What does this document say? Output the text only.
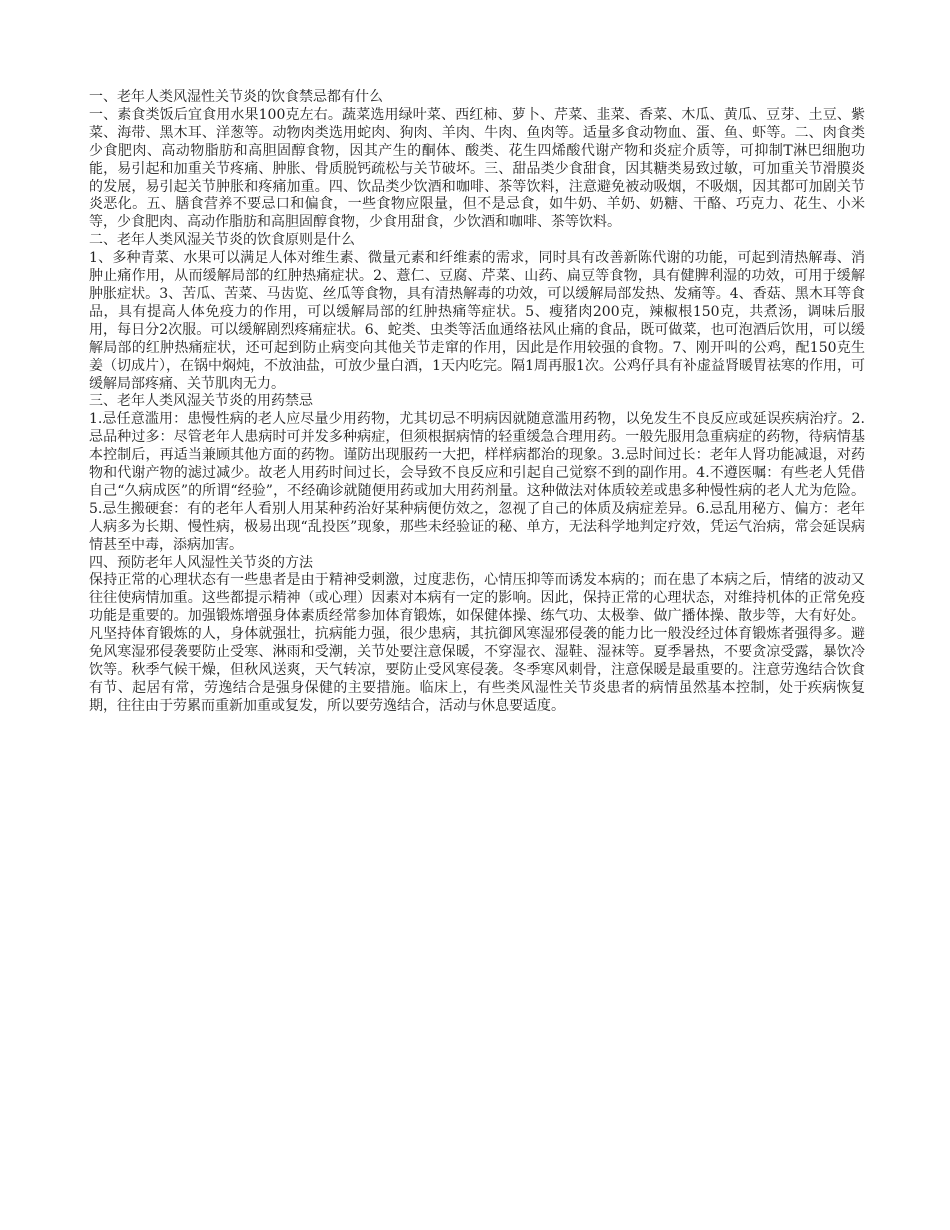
一、老年人类风湿性关节炎的饮食禁忌都有什么

一、素食类饭后宜食用水果100克左右。蔬菜选用绿叶菜、西红柿、萝卜、芹菜、韭菜、香菜、木瓜、黄瓜、豆芽、土豆、紫菜、海带、黑木耳、洋葱等。动物肉类选用蛇肉、狗肉、羊肉、牛肉、鱼肉等。适量多食动物血、蛋、鱼、虾等。二、肉食类少食肥肉、高动物脂肪和高胆固醇食物，因其产生的酮体、酸类、花生四烯酸代谢产物和炎症介质等，可抑制T淋巴细胞功能，易引起和加重关节疼痛、肿胀、骨质脱钙疏松与关节破坏。三、甜品类少食甜食，因其糖类易致过敏，可加重关节滑膜炎的发展，易引起关节肿胀和疼痛加重。四、饮品类少饮酒和咖啡、茶等饮料，注意避免被动吸烟，不吸烟，因其都可加剧关节炎恶化。五、膳食营养不要忌口和偏食，一些食物应限量，但不是忌食，如牛奶、羊奶、奶糖、干酪、巧克力、花生、小米等，少食肥肉、高动作脂肪和高胆固醇食物，少食用甜食，少饮酒和咖啡、茶等饮料。

二、老年人类风湿关节炎的饮食原则是什么

1、多种青菜、水果可以满足人体对维生素、微量元素和纤维素的需求，同时具有改善新陈代谢的功能，可起到清热解毒、消肿止痛作用，从而缓解局部的红肿热痛症状。2、薏仁、豆腐、芹菜、山药、扁豆等食物，具有健脾利湿的功效，可用于缓解肿胀症状。3、苦瓜、苦菜、马齿览、丝瓜等食物，具有清热解毒的功效，可以缓解局部发热、发痛等。4、香菇、黑木耳等食品，具有提高人体免疫力的作用，可以缓解局部的红肿热痛等症状。5、瘦猪肉200克，辣椒根150克，共煮汤，调味后服用，每日分2次服。可以缓解剧烈疼痛症状。6、蛇类、虫类等活血通络祛风止痛的食品，既可做菜，也可泡酒后饮用，可以缓解局部的红肿热痛症状，还可起到防止病变向其他关节走窜的作用，因此是作用较强的食物。7、刚开叫的公鸡，配150克生姜（切成片），在锅中焖炖，不放油盐，可放少量白酒，1天内吃完。隔1周再服1次。公鸡仔具有补虚益肾暖胃祛寒的作用，可缓解局部疼痛、关节肌肉无力。

三、老年人类风湿关节炎的用药禁忌

1.忌任意滥用：患慢性病的老人应尽量少用药物，尤其切忌不明病因就随意滥用药物，以免发生不良反应或延误疾病治疗。2.忌品种过多：尽管老年人患病时可并发多种病症，但须根据病情的轻重缓急合理用药。一般先服用急重病症的药物，待病情基本控制后，再适当兼顾其他方面的药物。谨防出现服药一大把，样样病都治的现象。3.忌时间过长：老年人肾功能减退，对药物和代谢产物的滤过减少。故老人用药时间过长，会导致不良反应和引起自己觉察不到的副作用。4.不遵医嘱：有些老人凭借自己“久病成医”的所谓“经验”，不经确诊就随便用药或加大用药剂量。这种做法对体质较差或患多种慢性病的老人尤为危险。5.忌生搬硬套：有的老年人看别人用某种药治好某种病便仿效之，忽视了自己的体质及病症差异。6.忌乱用秘方、偏方：老年人病多为长期、慢性病，极易出现“乱投医”现象，那些未经验证的秘、单方，无法科学地判定疗效，凭运气治病，常会延误病情甚至中毒，添病加害。

四、预防老年人风湿性关节炎的方法

保持正常的心理状态有一些患者是由于精神受刺激，过度悲伤，心情压抑等而诱发本病的；而在患了本病之后，情绪的波动又往往使病情加重。这些都提示精神（或心理）因素对本病有一定的影响。因此，保持正常的心理状态，对维持机体的正常免疫功能是重要的。加强锻炼增强身体素质经常参加体育锻炼，如保健体操、练气功、太极拳、做广播体操、散步等，大有好处。凡坚持体育锻炼的人，身体就强壮，抗病能力强，很少患病，其抗御风寒湿邪侵袭的能力比一般没经过体育锻炼者强得多。避免风寒湿邪侵袭要防止受寒、淋雨和受潮，关节处要注意保暖，不穿湿衣、湿鞋、湿袜等。夏季暑热，不要贪凉受露，暴饮冷饮等。秋季气候干燥，但秋风送爽，天气转凉，要防止受风寒侵袭。冬季寒风刺骨，注意保暖是最重要的。注意劳逸结合饮食有节、起居有常，劳逸结合是强身保健的主要措施。临床上，有些类风湿性关节炎患者的病情虽然基本控制，处于疾病恢复期，往往由于劳累而重新加重或复发，所以要劳逸结合，活动与休息要适度。
